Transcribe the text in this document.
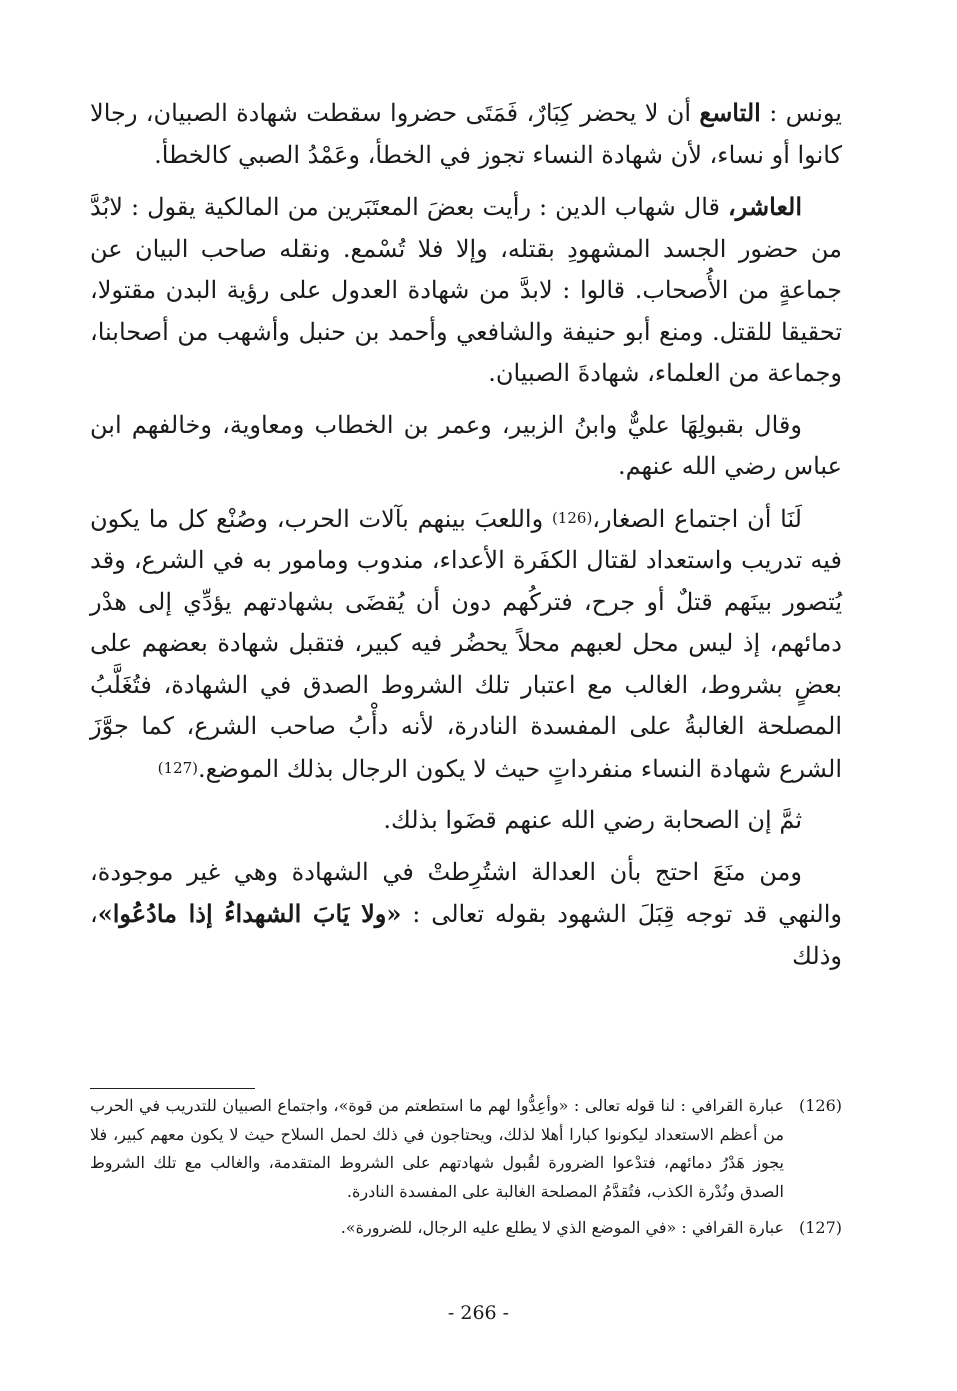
يونس : التاسع أن لا يحضر كِبَارٌ، فَمَتَى حضروا سقطت شهادة الصبيان، رجالا كانوا أو نساء، لأن شهادة النساء تجوز في الخطأ، وعَمْدُ الصبي كالخطأ.

العاشر، قال شهاب الدين : رأيت بعضَ المعتَبَرين من المالكية يقول : لابُدَّ من حضور الجسد المشهودِ بقتله، وإلا فلا تُسْمع. ونقله صاحب البيان عن جماعةٍ من الأُصحاب. قالوا : لابدَّ من شهادة العدول على رؤية البدن مقتولا، تحقيقا للقتل. ومنع أبو حنيفة والشافعي وأحمد بن حنبل وأشهب من أصحابنا، وجماعة من العلماء، شهادةَ الصبيان.

وقال بقبولِهَا عليٌّ وابنُ الزبير، وعمر بن الخطاب ومعاوية، وخالفهم ابن عباس رضي الله عنهم.

لَنَا أن اجتماع الصغار،(126) واللعبَ بينهم بآلات الحرب، وصُنْع كل ما يكون فيه تدريب واستعداد لقتال الكفَرة الأعداء، مندوب ومامور به في الشرع، وقد يُتصور بينَهم قتلٌ أو جرح، فتركُهم دون أن يُقضَى بشهادتهم يؤدِّي إلى هدْر دمائهم، إذ ليس محل لعبهم محلاً يحضُر فيه كبير، فتقبل شهادة بعضهم على بعضٍ بشروط، الغالب مع اعتبار تلك الشروط الصدق في الشهادة، فتُغَلَّبُ المصلحة الغالبةُ على المفسدة النادرة، لأنه دأْبُ صاحب الشرع، كما جوَّزَ الشرع شهادة النساء منفرداتٍ حيث لا يكون الرجال بذلك الموضع.(127)

ثمَّ إن الصحابة رضي الله عنهم قضَوا بذلك.

ومن منَعَ احتج بأن العدالة اشتُرِطتْ في الشهادة وهي غير موجودة، والنهي قد توجه قِبَلَ الشهود بقوله تعالى : «ولا يَابَ الشهداءُ إذا مادُعُوا»، وذلك

(126)
عبارة القرافي : لنا قوله تعالى : «وأعِدُّوا لهم ما استطعتم من قوة»، واجتماع الصبيان للتدريب في الحرب من أعظم الاستعداد ليكونوا كبارا أهلا لذلك، ويحتاجون في ذلك لحمل السلاح حيث لا يكون معهم كبير، فلا يجوز هَدْرُ دمائهم، فتدْعوا الضرورة لقُبول شهادتهم على الشروط المتقدمة، والغالب مع تلك الشروط الصدق ونُدْرة الكذب، فتُقدَّمُ المصلحة الغالبة على المفسدة النادرة.
(127)
عبارة القرافي : «في الموضع الذي لا يطلع عليه الرجال، للضرورة».
- 266 -
